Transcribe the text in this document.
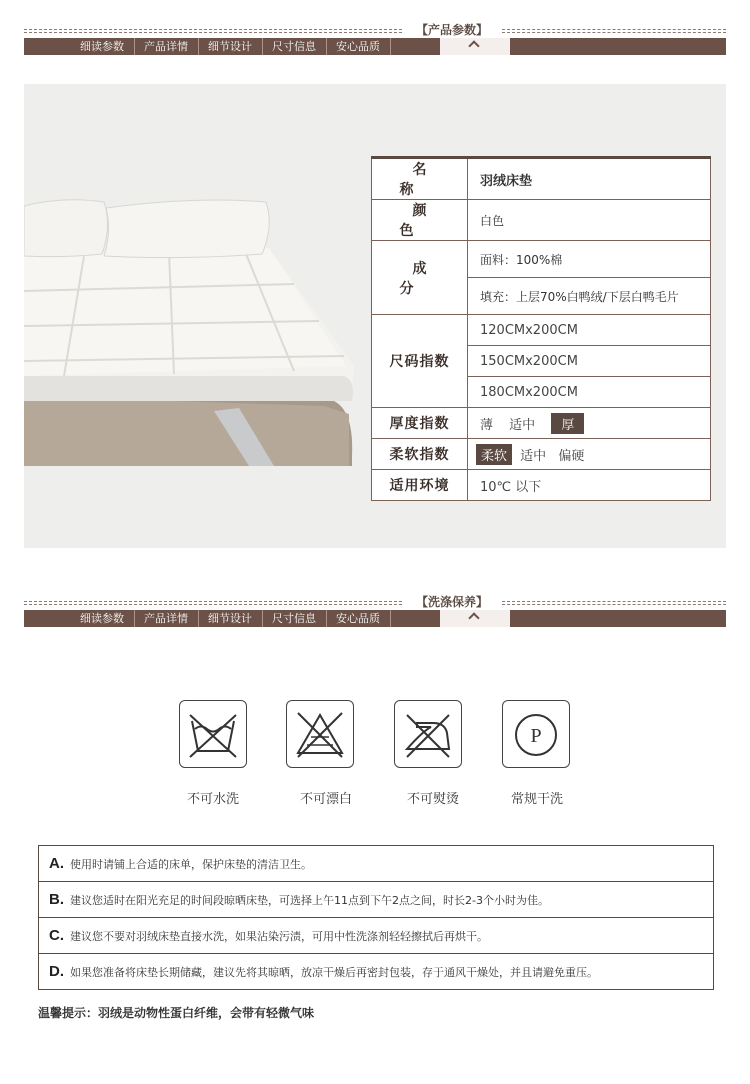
【产品参数】
细读参数	产品详情	细节设计	尺寸信息	安心品质
名称	羽绒床垫
颜色	白色
成分	面料：100%棉
	填充：上层70%白鸭绒/下层白鸭毛片
尺码指数	120CMx200CM
	150CMx200CM
	180CMx200CM
厚度指数	薄 适中 厚
柔软指数	柔软 适中 偏硬
适用环境	10℃ 以下
【洗涤保养】
细读参数	产品详情	细节设计	尺寸信息	安心品质
P
不可水洗	不可漂白	不可熨烫	常规干洗
A. 使用时请铺上合适的床单，保护床垫的清洁卫生。
B. 建议您适时在阳光充足的时间段晾晒床垫，可选择上午11点到下午2点之间，时长2-3个小时为佳。
C. 建议您不要对羽绒床垫直接水洗，如果沾染污渍，可用中性洗涤剂轻轻擦拭后再烘干。
D. 如果您准备将床垫长期储藏，建议先将其晾晒，放凉干燥后再密封包装，存于通风干燥处，并且请避免重压。
温馨提示：羽绒是动物性蛋白纤维，会带有轻微气味
